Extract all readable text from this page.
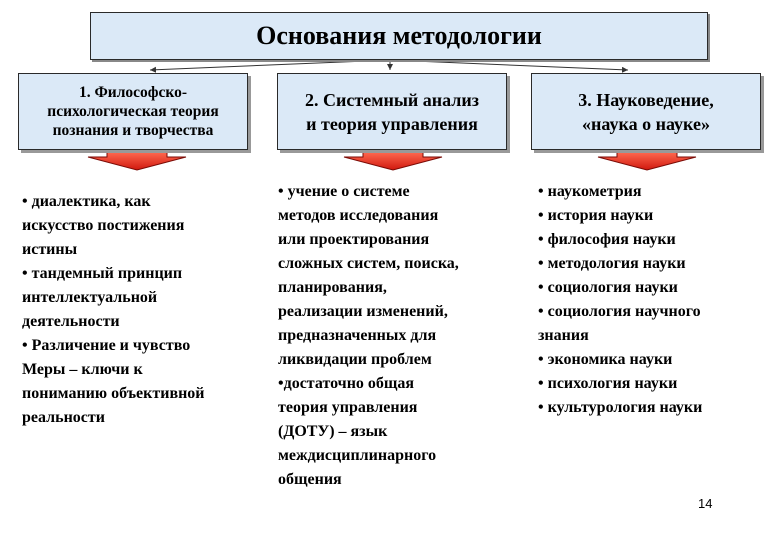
Основания методологии
1. Философско-
психологическая теория
познания и творчества
2. Системный анализ
и теория управления
3. Науковедение,
«наука о науке»

• диалектика, как
искусство постижения
истины
• тандемный принцип
интеллектуальной
деятельности
• Различение и чувство
Меры – ключи к
пониманию объективной
реальности

• учение о системе
методов исследования
или проектирования
сложных систем, поиска,
планирования,
реализации изменений,
предназначенных для
ликвидации проблем
•достаточно общая
теория управления
(ДОТУ) – язык
междисциплинарного
общения

• наукометрия
• история науки
• философия науки
• методология науки
• социология науки
• социология научного
знания
• экономика науки
• психология науки
• культурология науки

14
